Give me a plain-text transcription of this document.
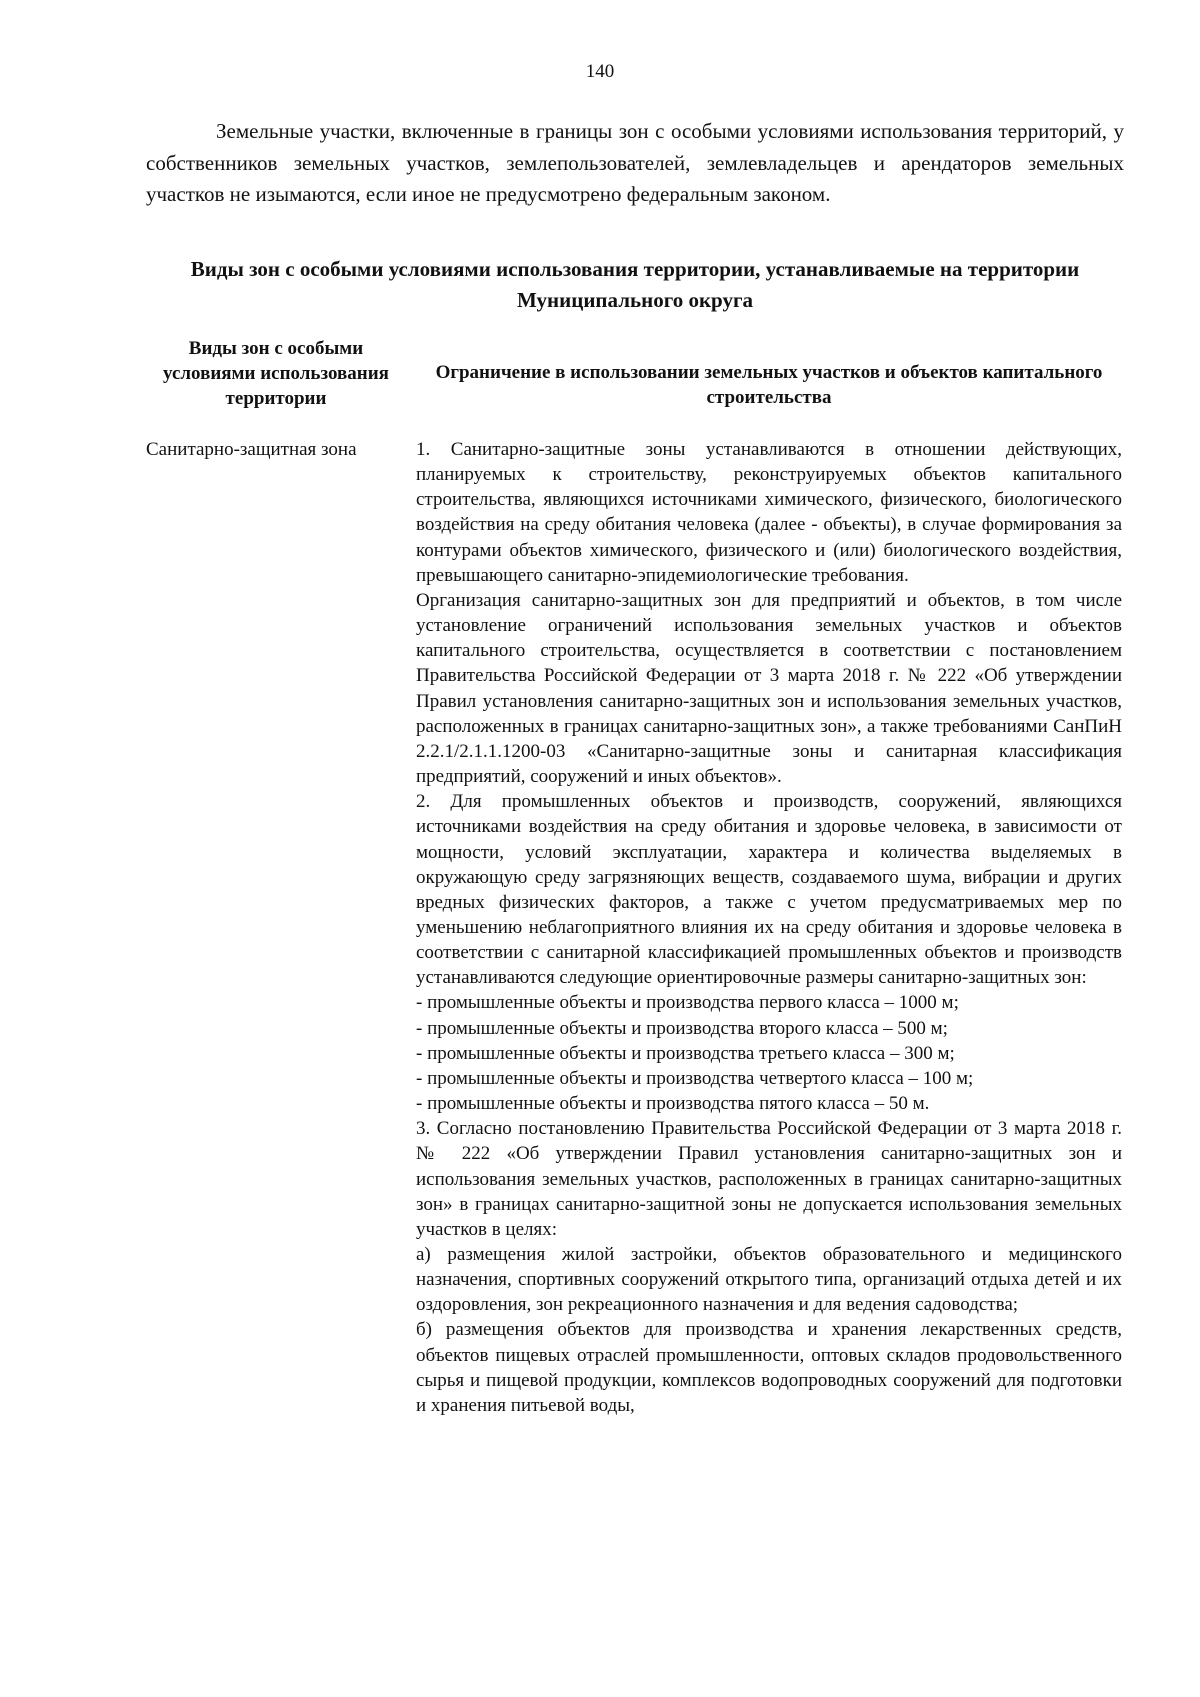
140

Земельные участки, включенные в границы зон с особыми условиями использования территорий, у собственников земельных участков, землепользователей, землевладельцев и арендаторов земельных участков не изымаются, если иное не предусмотрено федеральным законом.

Виды зон с особыми условиями использования территории, устанавливаемые на территории Муниципального округа
Виды зон с особыми условиями использования территории
Ограничение в использовании земельных участков и объектов капитального строительства
Санитарно-защитная зона	1. Санитарно-защитные зоны устанавливаются в отношении действующих, планируемых к строительству, реконструируемых объектов капитального строительства, являющихся источниками химического, физического, биологического воздействия на среду обитания человека (далее - объекты), в случае формирования за контурами объектов химического, физического и (или) биологического воздействия, превышающего санитарно-эпидемиологические требования.

Организация санитарно-защитных зон для предприятий и объектов, в том числе установление ограничений использования земельных участков и объектов капитального строительства, осуществляется в соответствии с постановлением Правительства Российской Федерации от 3 марта 2018 г. № 222 «Об утверждении Правил установления санитарно-защитных зон и использования земельных участков, расположенных в границах санитарно-защитных зон», а также требованиями СанПиН 2.2.1/2.1.1.1200-03 «Санитарно-защитные зоны и санитарная классификация предприятий, сооружений и иных объектов».

2. Для промышленных объектов и производств, сооружений, являющихся источниками воздействия на среду обитания и здоровье человека, в зависимости от мощности, условий эксплуатации, характера и количества выделяемых в окружающую среду загрязняющих веществ, создаваемого шума, вибрации и других вредных физических факторов, а также с учетом предусматриваемых мер по уменьшению неблагоприятного влияния их на среду обитания и здоровье человека в соответствии с санитарной классификацией промышленных объектов и производств устанавливаются следующие ориентировочные размеры санитарно-защитных зон:

- промышленные объекты и производства первого класса – 1000 м;

- промышленные объекты и производства второго класса – 500 м;

- промышленные объекты и производства третьего класса – 300 м;

- промышленные объекты и производства четвертого класса – 100 м;

- промышленные объекты и производства пятого класса – 50 м.

3. Согласно постановлению Правительства Российской Федерации от 3 марта 2018 г. № 222 «Об утверждении Правил установления санитарно-защитных зон и использования земельных участков, расположенных в границах санитарно-защитных зон» в границах санитарно-защитной зоны не допускается использования земельных участков в целях:

а) размещения жилой застройки, объектов образовательного и медицинского назначения, спортивных сооружений открытого типа, организаций отдыха детей и их оздоровления, зон рекреационного назначения и для ведения садоводства;

б) размещения объектов для производства и хранения лекарственных средств, объектов пищевых отраслей промышленности, оптовых складов продовольственного сырья и пищевой продукции, комплексов водопроводных сооружений для подготовки и хранения питьевой воды,
